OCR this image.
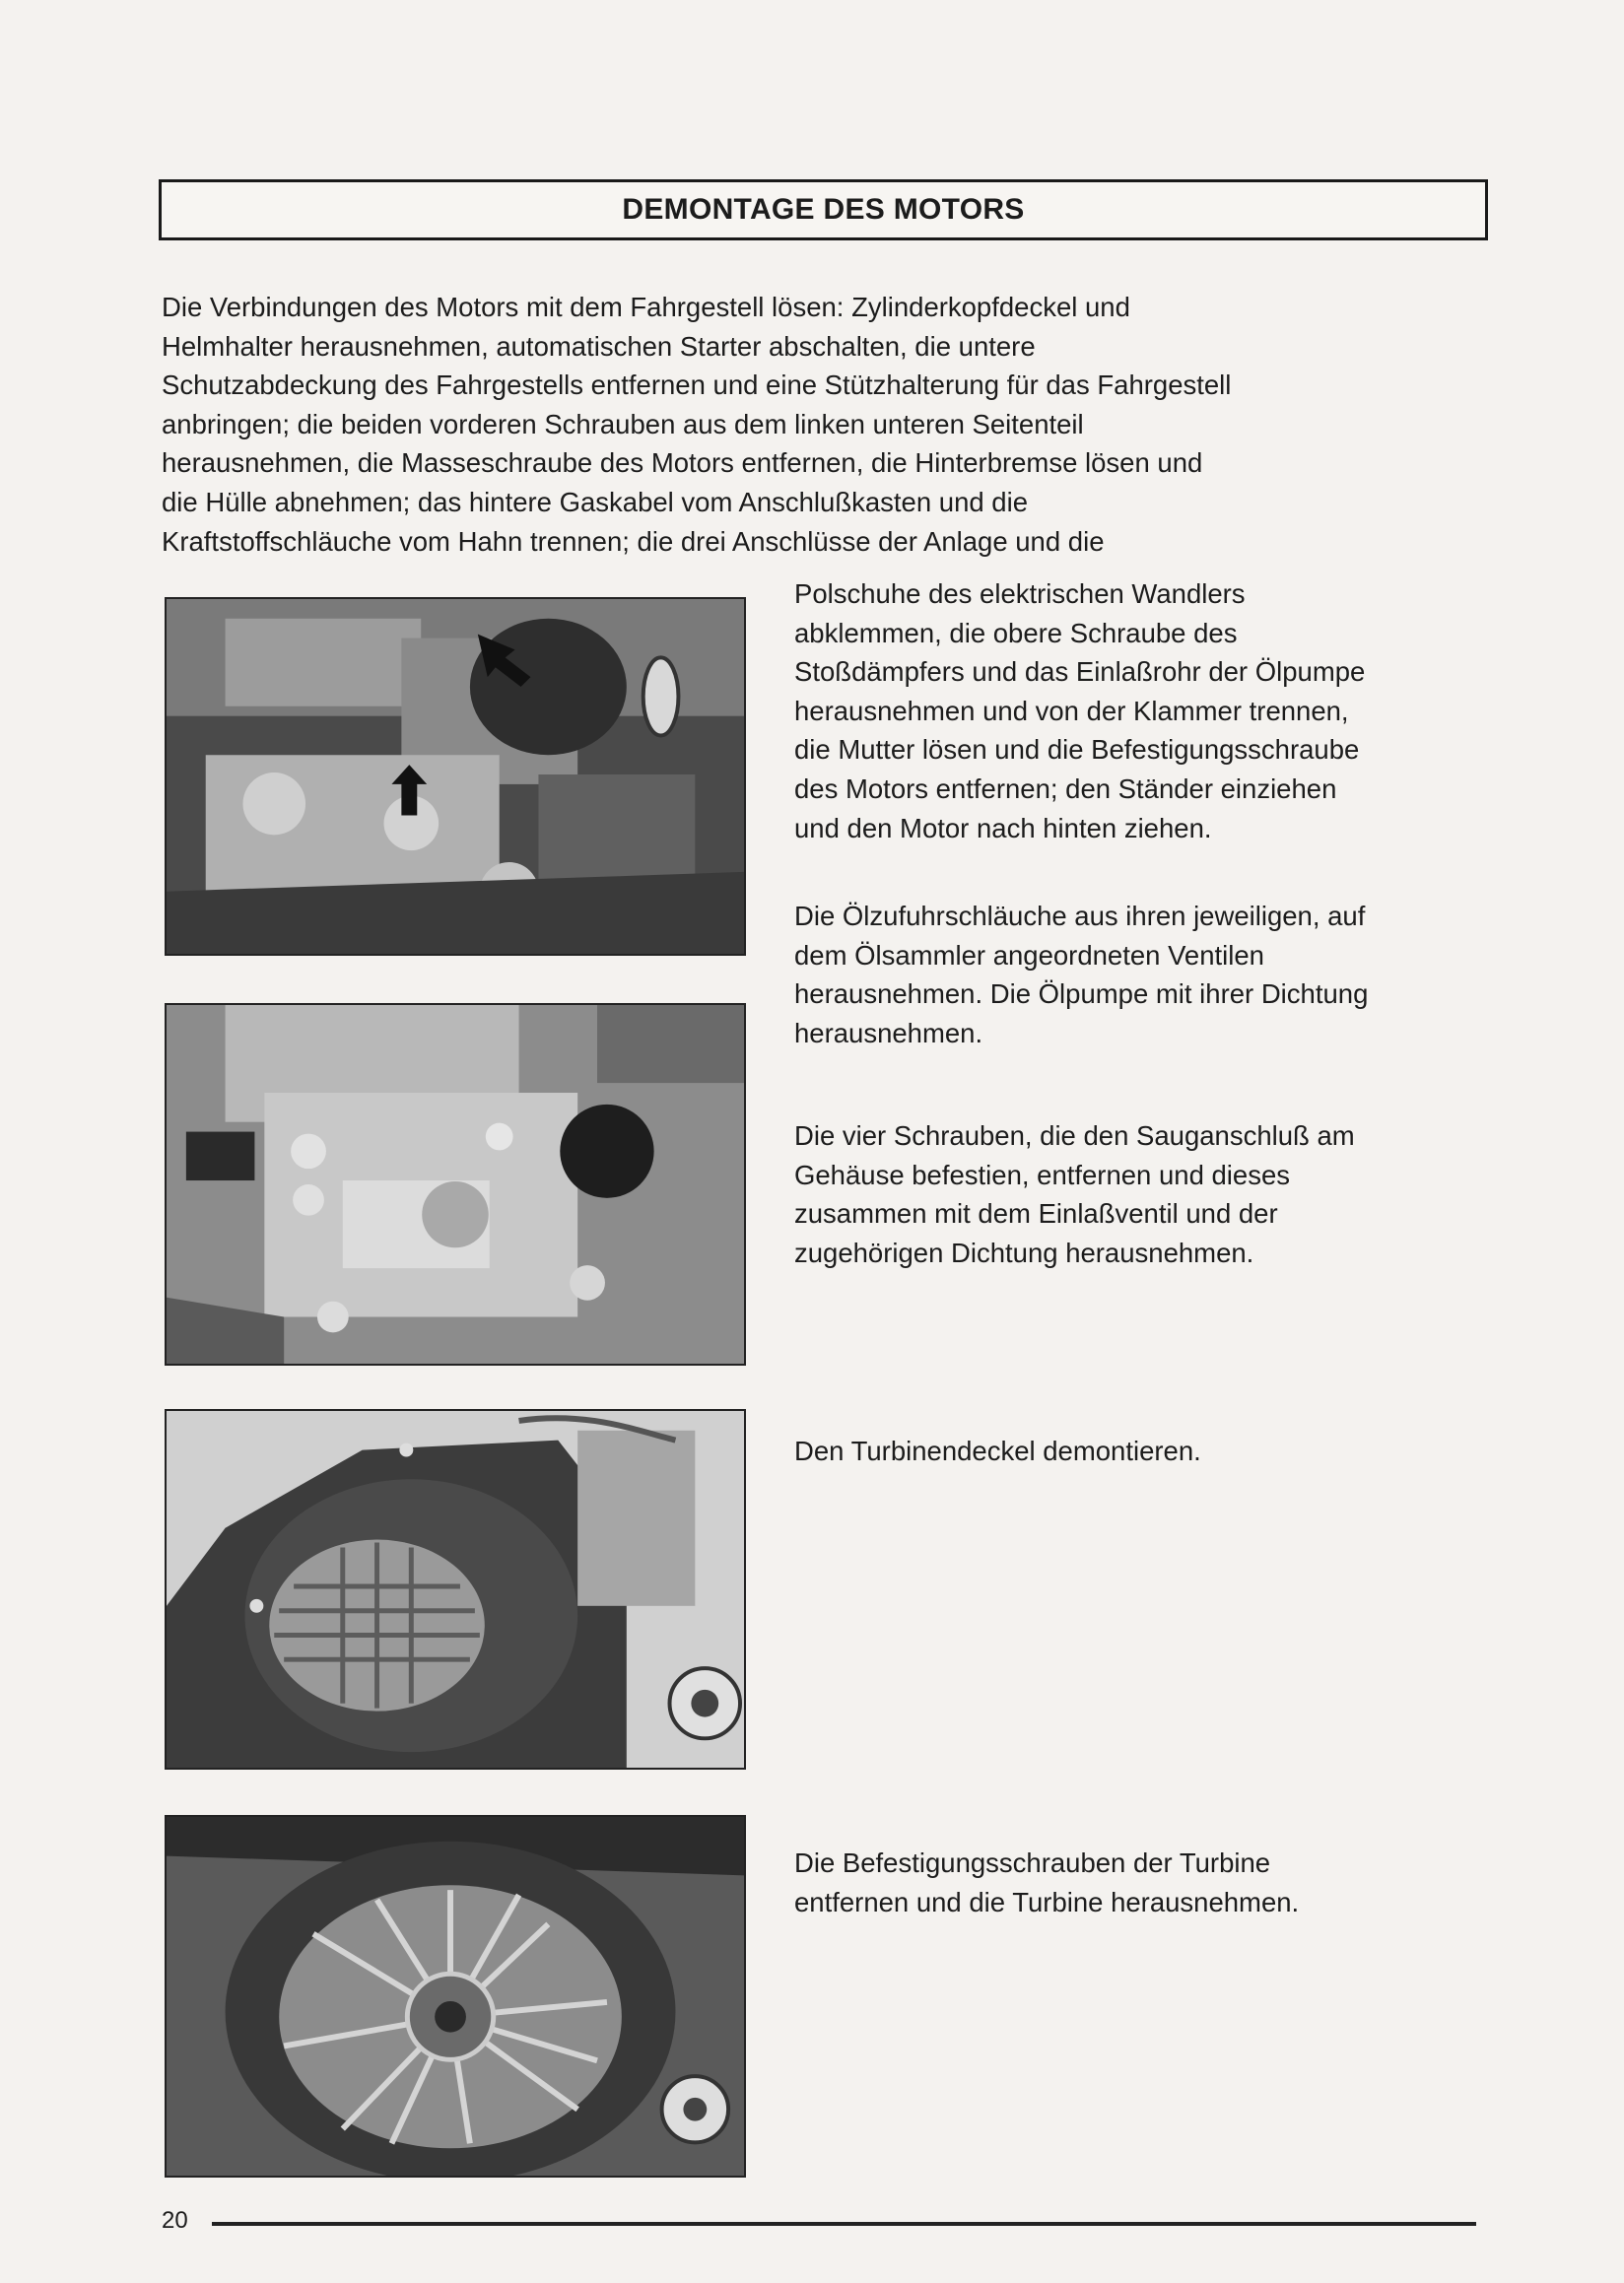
DEMONTAGE DES MOTORS
Die Verbindungen des Motors mit dem Fahrgestell lösen: Zylinderkopfdeckel und
Helmhalter herausnehmen, automatischen Starter abschalten, die untere
Schutzabdeckung des Fahrgestells entfernen und eine Stützhalterung für das Fahrgestell
anbringen; die beiden vorderen Schrauben aus dem linken unteren Seitenteil
herausnehmen, die Masseschraube des Motors entfernen, die Hinterbremse lösen und
die Hülle abnehmen; das hintere Gaskabel vom Anschlußkasten und die
Kraftstoffschläuche vom Hahn trennen; die drei Anschlüsse der Anlage und die
Polschuhe des elektrischen Wandlers
abklemmen, die obere Schraube des
Stoßdämpfers und das Einlaßrohr der Ölpumpe
herausnehmen und von der Klammer trennen,
die Mutter lösen und die Befestigungsschraube
des Motors entfernen; den Ständer einziehen
und den Motor nach hinten ziehen.
Die Ölzufuhrschläuche aus ihren jeweiligen, auf
dem Ölsammler angeordneten Ventilen
herausnehmen. Die Ölpumpe mit ihrer Dichtung
herausnehmen.
Die vier Schrauben, die den Sauganschluß am
Gehäuse befestien, entfernen und dieses
zusammen mit dem Einlaßventil und der
zugehörigen Dichtung herausnehmen.
Den Turbinendeckel demontieren.
Die Befestigungsschrauben der Turbine
entfernen und die Turbine herausnehmen.
20
